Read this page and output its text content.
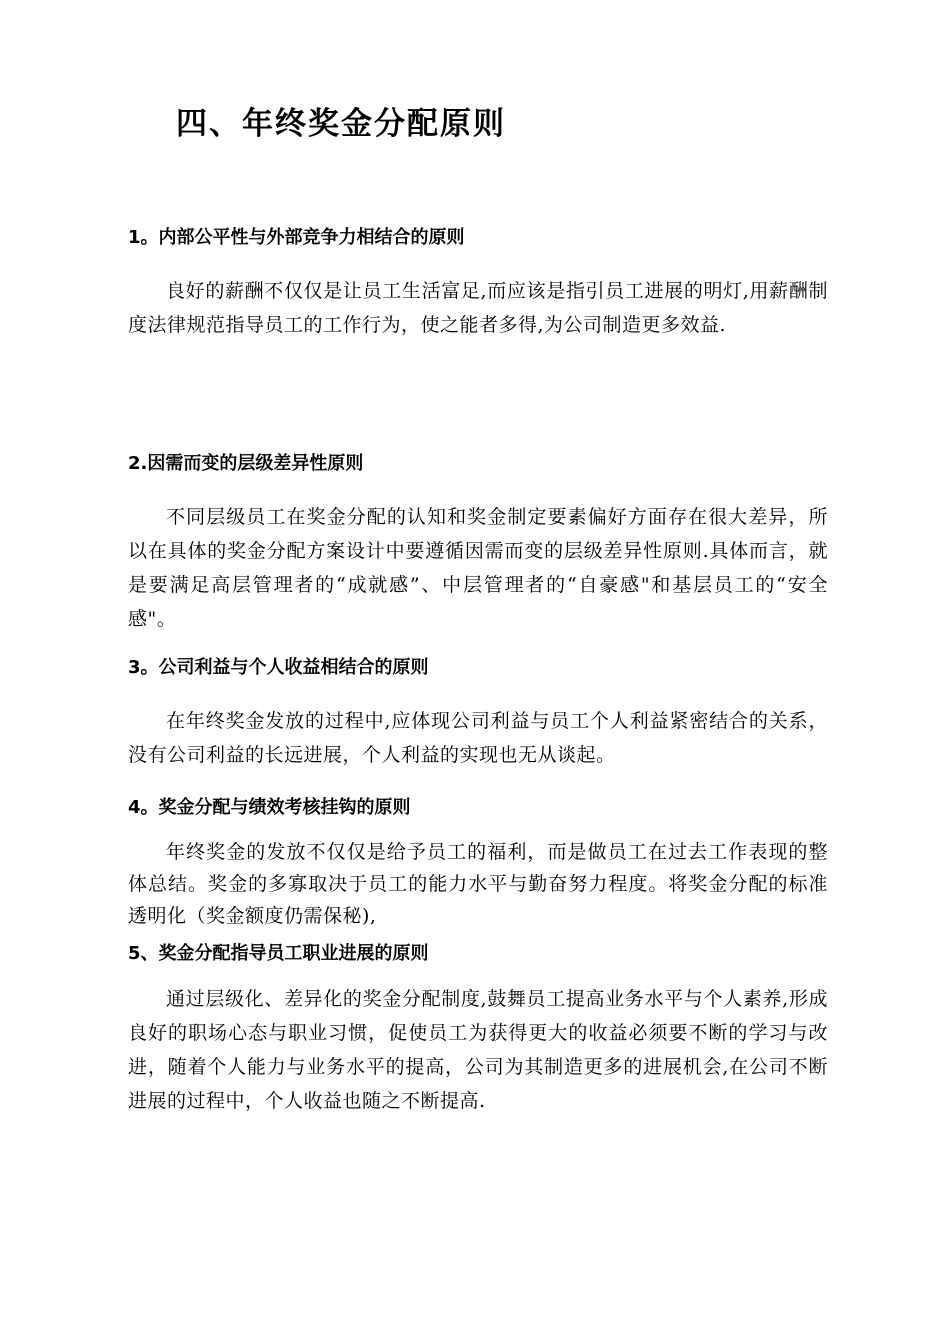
四、年终奖金分配原则
1。内部公平性与外部竞争力相结合的原则

良好的薪酬不仅仅是让员工生活富足,而应该是指引员工进展的明灯,用薪酬制度法律规范指导员工的工作行为，使之能者多得,为公司制造更多效益.

2.因需而变的层级差异性原则

不同层级员工在奖金分配的认知和奖金制定要素偏好方面存在很大差异，所以在具体的奖金分配方案设计中要遵循因需而变的层级差异性原则.具体而言，就是要满足高层管理者的“成就感”、中层管理者的“自豪感"和基层员工的“安全感"。

3。公司利益与个人收益相结合的原则

在年终奖金发放的过程中,应体现公司利益与员工个人利益紧密结合的关系，没有公司利益的长远进展，个人利益的实现也无从谈起。

4。奖金分配与绩效考核挂钩的原则

年终奖金的发放不仅仅是给予员工的福利，而是做员工在过去工作表现的整体总结。奖金的多寡取决于员工的能力水平与勤奋努力程度。将奖金分配的标准透明化（奖金额度仍需保秘),

5、奖金分配指导员工职业进展的原则

通过层级化、差异化的奖金分配制度,鼓舞员工提高业务水平与个人素养,形成良好的职场心态与职业习惯，促使员工为获得更大的收益必须要不断的学习与改进，随着个人能力与业务水平的提高，公司为其制造更多的进展机会,在公司不断进展的过程中，个人收益也随之不断提高.
